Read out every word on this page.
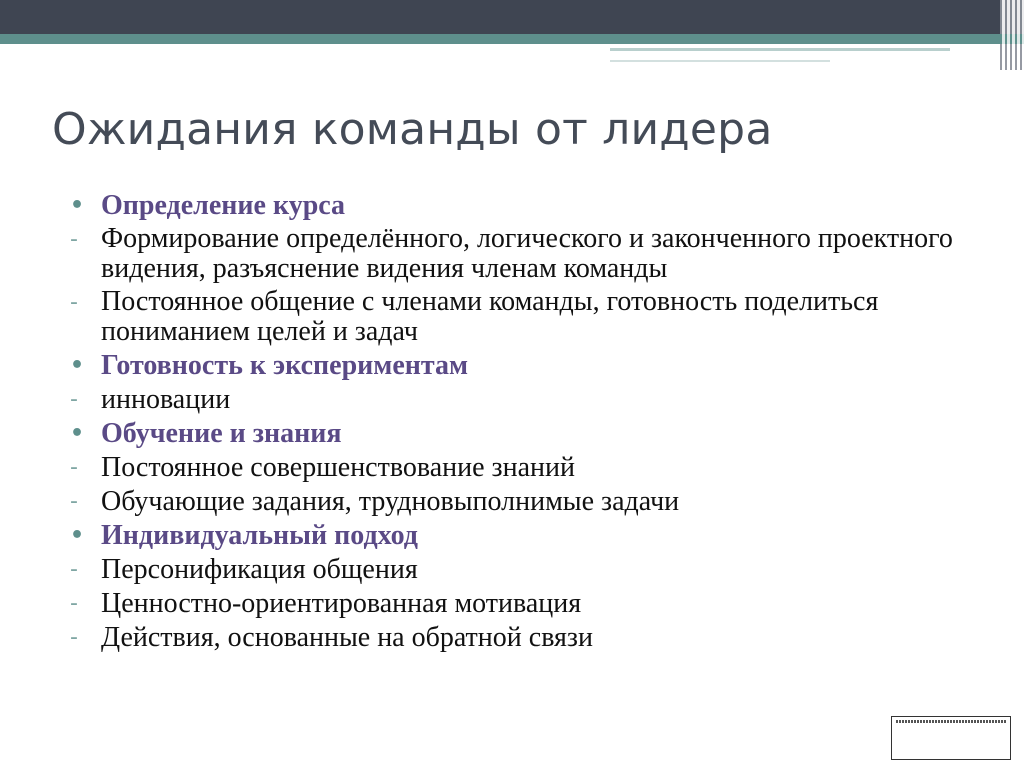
Ожидания команды от лидера
• Определение курса
- Формирование определённого, логического и законченного проектного видения, разъяснение видения членам команды
- Постоянное общение с членами команды, готовность поделиться пониманием целей и задач
• Готовность к экспериментам
- инновации
• Обучение и знания
- Постоянное совершенствование знаний
- Обучающие задания, трудновыполнимые задачи
• Индивидуальный подход
- Персонификация общения
- Ценностно-ориентированная мотивация
- Действия, основанные на обратной связи
